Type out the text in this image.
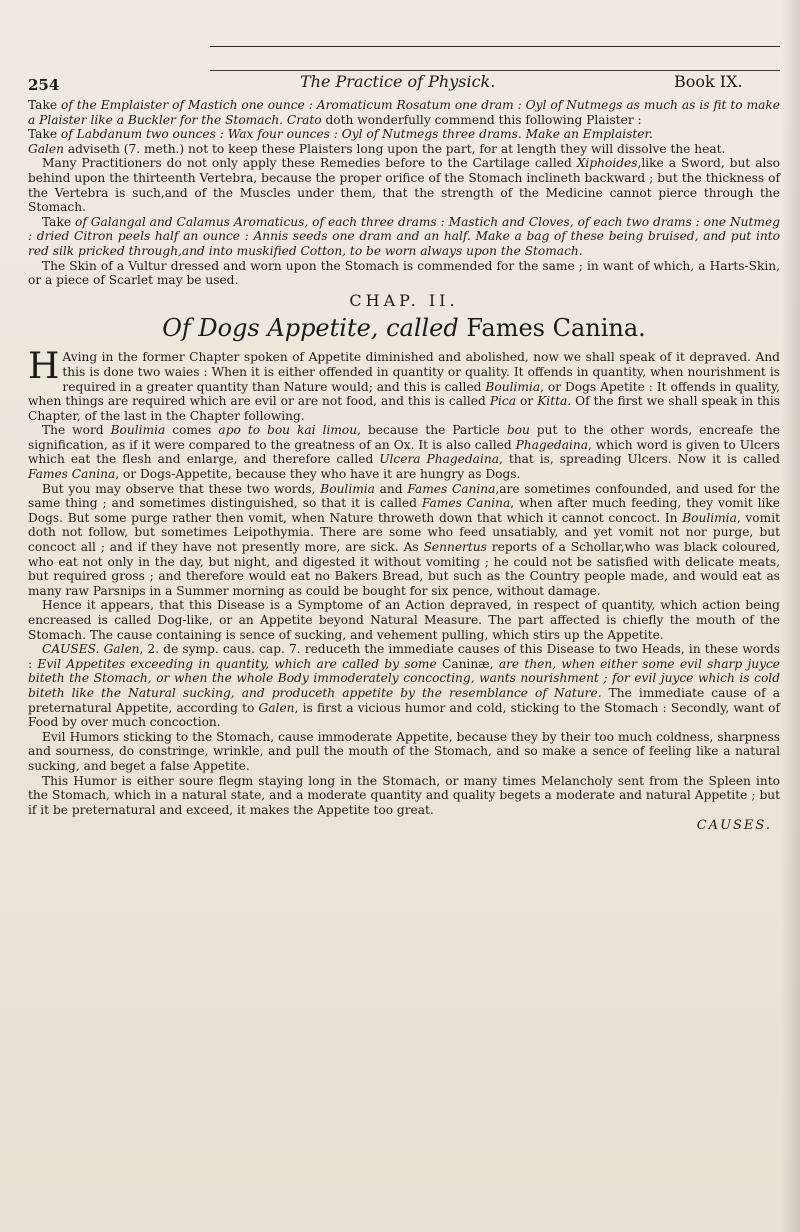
254	The Practice of Physick.	Book IX.

Take of the Emplaister of Mastich one ounce : Aromaticum Rosatum one dram : Oyl of Nutmegs as much as is fit to make a Plaister like a Buckler for the Stomach. Crato doth wonderfully commend this following Plaister :

Take of Labdanum two ounces : Wax four ounces : Oyl of Nutmegs three drams. Make an Emplaister.

Galen adviseth (7. meth.) not to keep these Plaisters long upon the part, for at length they will dissolve the heat.

Many Practitioners do not only apply these Remedies before to the Cartilage called Xiphoides,like a Sword, but also behind upon the thirteenth Vertebra, because the proper orifice of the Stomach inclineth backward ; but the thickness of the Vertebra is such,and of the Muscles under them, that the strength of the Medicine cannot pierce through the Stomach.

Take of Galangal and Calamus Aromaticus, of each three drams : Mastich and Cloves, of each two drams : one Nutmeg : dried Citron peels half an ounce : Annis seeds one dram and an half. Make a bag of these being bruised, and put into red silk pricked through,and into muskified Cotton, to be worn always upon the Stomach.

The Skin of a Vultur dressed and worn upon the Stomach is commended for the same ; in want of which, a Harts-Skin, or a piece of Scarlet may be used.

CHAP. II.
Of Dogs Appetite, called Fames Canina.

H Aving in the former Chapter spoken of Appetite diminished and abolished, now we shall speak of it depraved. And this is done two waies : When it is either offended in quantity or quality. It offends in quantity, when nourishment is required in a greater quantity than Nature would; and this is called Boulimia, or Dogs Apetite : It offends in quality, when things are required which are evil or are not food, and this is called Pica or Kitta. Of the first we shall speak in this Chapter, of the last in the Chapter following.

The word Boulimia comes apo to bou kai limou, because the Particle bou put to the other words, encreafe the signification, as if it were compared to the greatness of an Ox. It is also called Phagedaina, which word is given to Ulcers which eat the flesh and enlarge, and therefore called Ulcera Phagedaina, that is, spreading Ulcers. Now it is called Fames Canina, or Dogs-Appetite, because they who have it are hungry as Dogs.

But you may observe that these two words, Boulimia and Fames Canina,are sometimes confounded, and used for the same thing ; and sometimes distinguished, so that it is called Fames Canina, when after much feeding, they vomit like Dogs. But some purge rather then vomit, when Nature throweth down that which it cannot concoct. In Boulimia, vomit doth not follow, but sometimes Leipothymia. There are some who feed unsatiably, and yet vomit not nor purge, but concoct all ; and if they have not presently more, are sick. As Sennertus reports of a Schollar,who was black coloured, who eat not only in the day, but night, and digested it without vomiting ; he could not be satisfied with delicate meats, but required gross ; and therefore would eat no Bakers Bread, but such as the Country people made, and would eat as many raw Parsnips in a Summer morning as could be bought for six pence, without damage.

Hence it appears, that this Disease is a Symptome of an Action depraved, in respect of quantity, which action being encreased is called Dog-like, or an Appetite beyond Natural Measure. The part affected is chiefly the mouth of the Stomach. The cause containing is sence of sucking, and vehement pulling, which stirs up the Appetite.

CAUSES. Galen, 2. de symp. caus. cap. 7. reduceth the immediate causes of this Disease to two Heads, in these words : Evil Appetites exceeding in quantity, which are called by some Caninæ, are then, when either some evil sharp juyce biteth the Stomach, or when the whole Body immoderately concocting, wants nourishment ; for evil juyce which is cold biteth like the Natural sucking, and produceth appetite by the resemblance of Nature. The immediate cause of a preternatural Appetite, according to Galen, is first a vicious humor and cold, sticking to the Stomach : Secondly, want of Food by over much concoction.

Evil Humors sticking to the Stomach, cause immoderate Appetite, because they by their too much coldness, sharpness and sourness, do constringe, wrinkle, and pull the mouth of the Stomach, and so make a sence of feeling like a natural sucking, and beget a false Appetite.

This Humor is either soure flegm staying long in the Stomach, or many times Melancholy sent from the Spleen into the Stomach, which in a natural state, and a moderate quantity and quality begets a moderate and natural Appetite ; but if it be preternatural and exceed, it makes the Appetite too great.

CAUSES.
